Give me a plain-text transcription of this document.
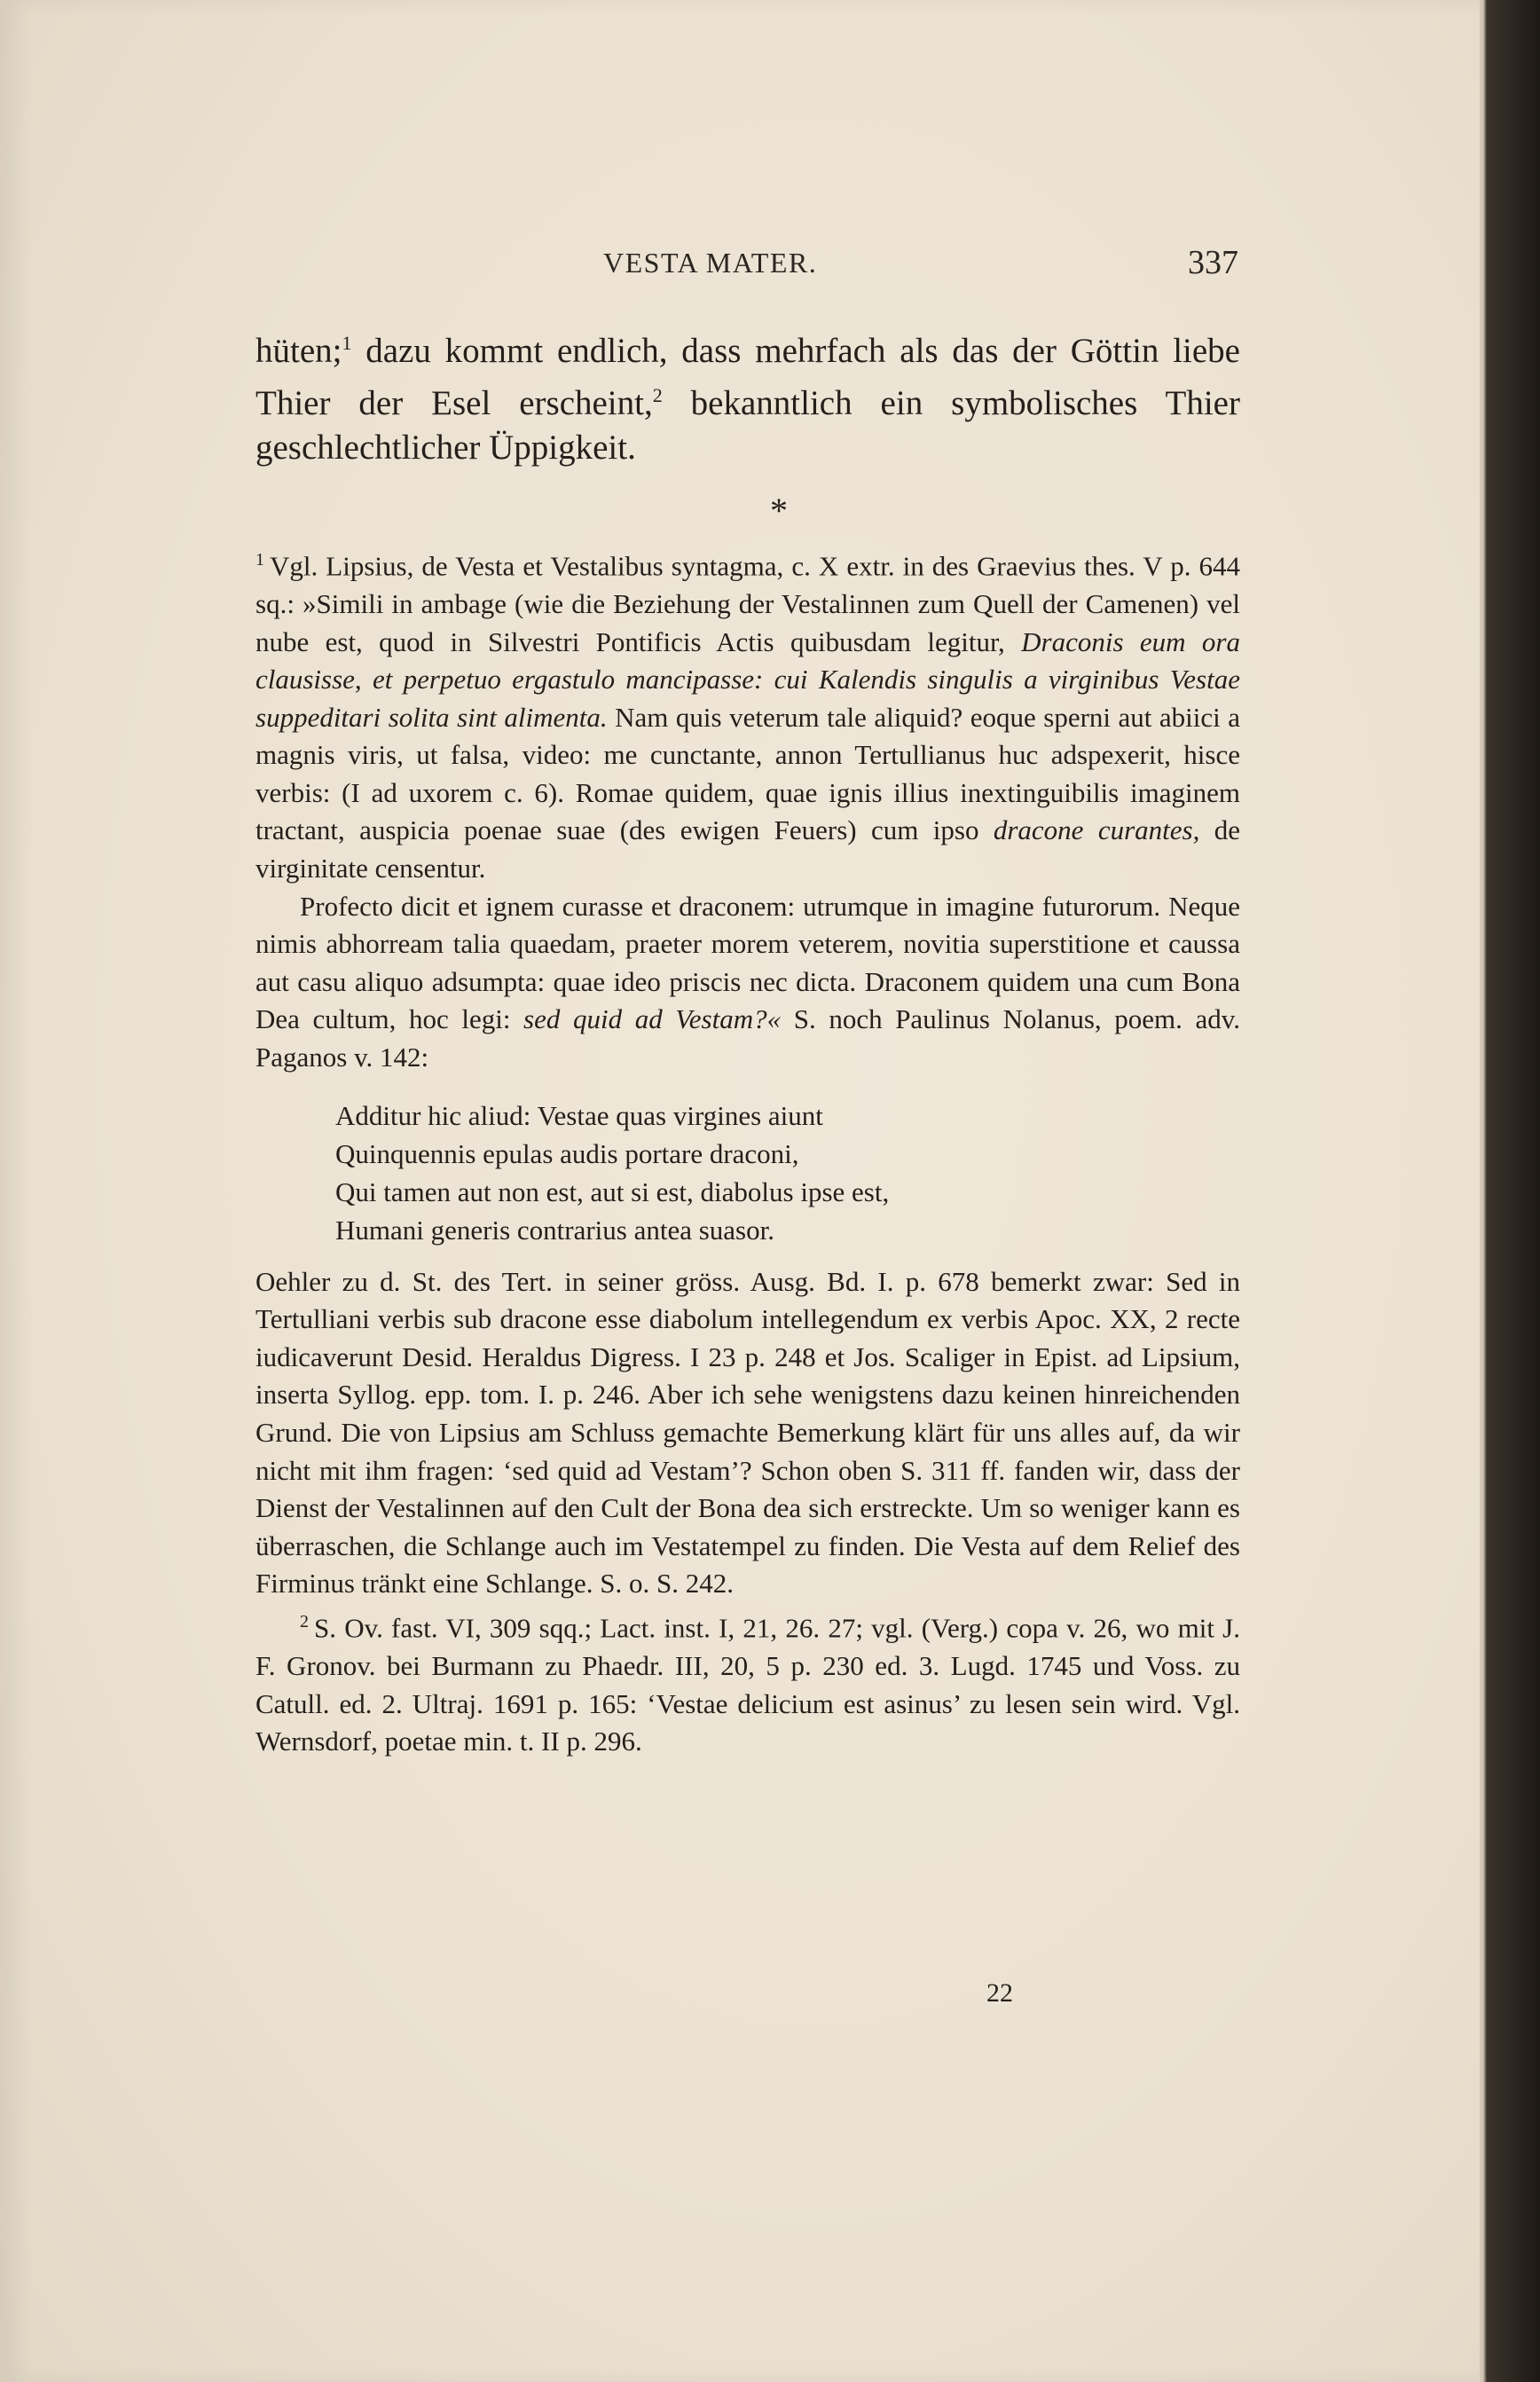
VESTA MATER.	337

hüten;$^1$ dazu kommt endlich, dass mehrfach als das der Göttin liebe Thier der Esel erscheint,$^2$ bekanntlich ein symbolisches Thier geschlechtlicher Üppigkeit.

*

$^1$ Vgl. Lipsius, de Vesta et Vestalibus syntagma, c. X extr. in des Graevius thes. V p. 644 sq.: »Simili in ambage (wie die Beziehung der Vestalinnen zum Quell der Camenen) vel nube est, quod in Silvestri Pontificis Actis quibusdam legitur, Draconis eum ora clausisse, et perpetuo ergastulo mancipasse: cui Kalendis singulis a virginibus Vestae suppeditari solita sint alimenta. Nam quis veterum tale aliquid? eoque sperni aut abiici a magnis viris, ut falsa, video: me cunctante, annon Tertullianus huc adspexerit, hisce verbis: (I ad uxorem c. 6). Romae quidem, quae ignis illius inextinguibilis imaginem tractant, auspicia poenae suae (des ewigen Feuers) cum ipso dracone curantes, de virginitate censentur.

Profecto dicit et ignem curasse et draconem: utrumque in imagine futurorum. Neque nimis abhorream talia quaedam, praeter morem veterem, novitia superstitione et caussa aut casu aliquo adsumpta: quae ideo priscis nec dicta. Draconem quidem una cum Bona Dea cultum, hoc legi: sed quid ad Vestam?« S. noch Paulinus Nolanus, poem. adv. Paganos v. 142:

Additur hic aliud: Vestae quas virgines aiunt
Quinquennis epulas audis portare draconi,
Qui tamen aut non est, aut si est, diabolus ipse est,
Humani generis contrarius antea suasor.

Oehler zu d. St. des Tert. in seiner gröss. Ausg. Bd. I. p. 678 bemerkt zwar: Sed in Tertulliani verbis sub dracone esse diabolum intellegendum ex verbis Apoc. XX, 2 recte iudicaverunt Desid. Heraldus Digress. I 23 p. 248 et Jos. Scaliger in Epist. ad Lipsium, inserta Syllog. epp. tom. I. p. 246. Aber ich sehe wenigstens dazu keinen hinreichenden Grund. Die von Lipsius am Schluss gemachte Bemerkung klärt für uns alles auf, da wir nicht mit ihm fragen: ‘sed quid ad Vestam’? Schon oben S. 311 ff. fanden wir, dass der Dienst der Vestalinnen auf den Cult der Bona dea sich erstreckte. Um so weniger kann es überraschen, die Schlange auch im Vestatempel zu finden. Die Vesta auf dem Relief des Firminus tränkt eine Schlange. S. o. S. 242.

$^2$ S. Ov. fast. VI, 309 sqq.; Lact. inst. I, 21, 26. 27; vgl. (Verg.) copa v. 26, wo mit J. F. Gronov. bei Burmann zu Phaedr. III, 20, 5 p. 230 ed. 3. Lugd. 1745 und Voss. zu Catull. ed. 2. Ultraj. 1691 p. 165: ‘Vestae delicium est asinus’ zu lesen sein wird. Vgl. Wernsdorf, poetae min. t. II p. 296.

22
